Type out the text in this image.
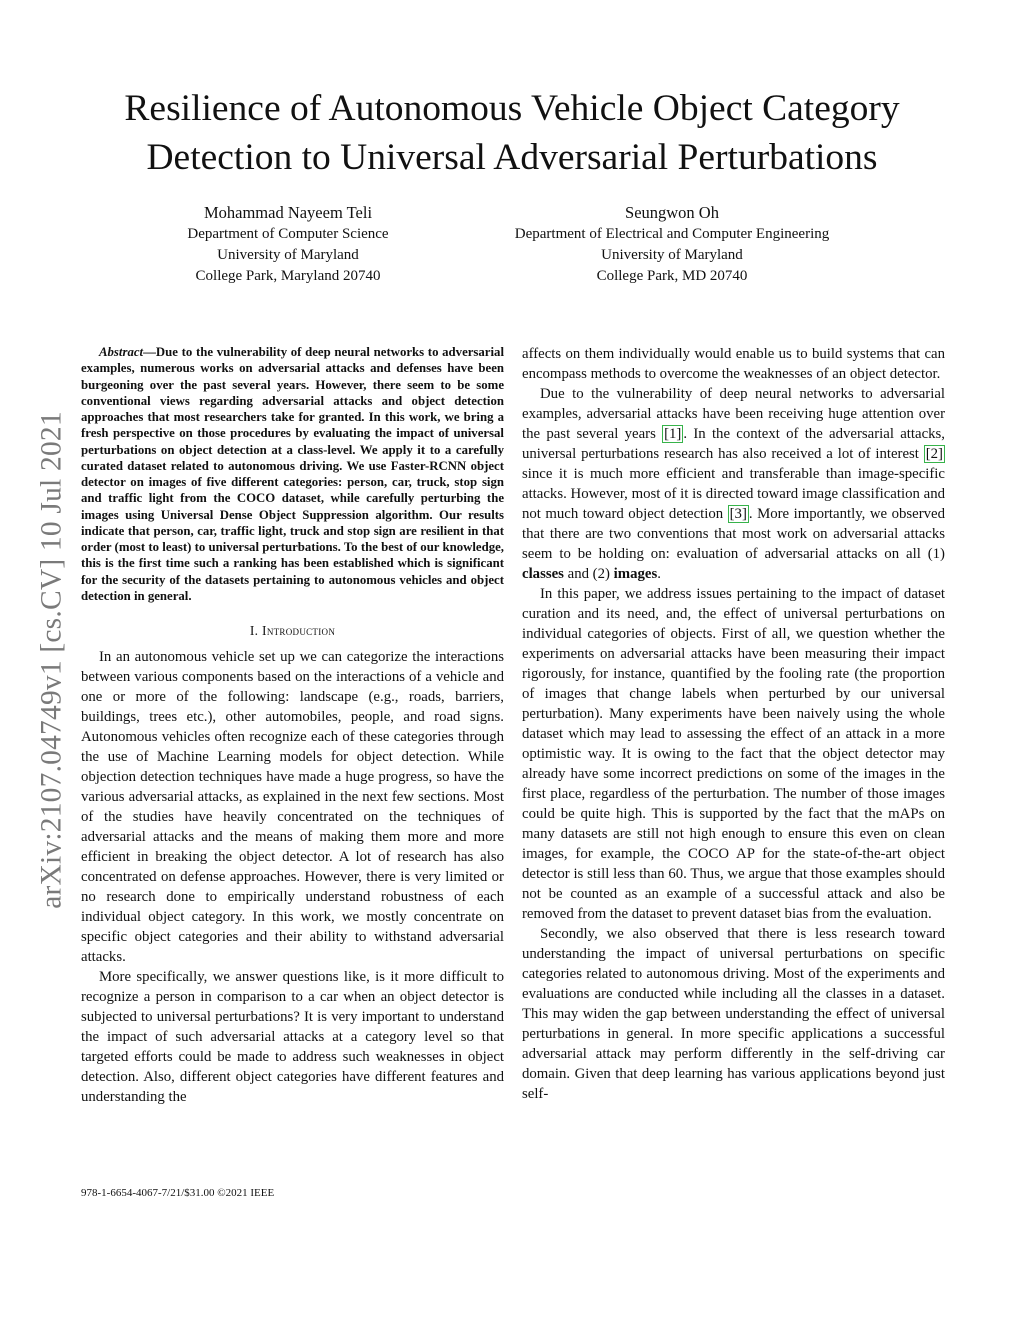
arXiv:2107.04749v1 [cs.CV] 10 Jul 2021
Resilience of Autonomous Vehicle Object Category Detection to Universal Adversarial Perturbations
Mohammad Nayeem Teli
Department of Computer Science
University of Maryland
College Park, Maryland 20740
Seungwon Oh
Department of Electrical and Computer Engineering
University of Maryland
College Park, MD 20740

Abstract—Due to the vulnerability of deep neural networks to adversarial examples, numerous works on adversarial attacks and defenses have been burgeoning over the past several years. However, there seem to be some conventional views regarding adversarial attacks and object detection approaches that most researchers take for granted. In this work, we bring a fresh perspective on those procedures by evaluating the impact of universal perturbations on object detection at a class-level. We apply it to a carefully curated dataset related to autonomous driving. We use Faster-RCNN object detector on images of five different categories: person, car, truck, stop sign and traffic light from the COCO dataset, while carefully perturbing the images using Universal Dense Object Suppression algorithm. Our results indicate that person, car, traffic light, truck and stop sign are resilient in that order (most to least) to universal perturbations. To the best of our knowledge, this is the first time such a ranking has been established which is significant for the security of the datasets pertaining to autonomous vehicles and object detection in general.

I. Introduction

In an autonomous vehicle set up we can categorize the interactions between various components based on the interactions of a vehicle and one or more of the following: landscape (e.g., roads, barriers, buildings, trees etc.), other automobiles, people, and road signs. Autonomous vehicles often recognize each of these categories through the use of Machine Learning models for object detection. While objection detection techniques have made a huge progress, so have the various adversarial attacks, as explained in the next few sections. Most of the studies have heavily concentrated on the techniques of adversarial attacks and the means of making them more and more efficient in breaking the object detector. A lot of research has also concentrated on defense approaches. However, there is very limited or no research done to empirically understand robustness of each individual object category. In this work, we mostly concentrate on specific object categories and their ability to withstand adversarial attacks.

More specifically, we answer questions like, is it more difficult to recognize a person in comparison to a car when an object detector is subjected to universal perturbations? It is very important to understand the impact of such adversarial attacks at a category level so that targeted efforts could be made to address such weaknesses in object detection. Also, different object categories have different features and understanding the

affects on them individually would enable us to build systems that can encompass methods to overcome the weaknesses of an object detector.

Due to the vulnerability of deep neural networks to adversarial examples, adversarial attacks have been receiving huge attention over the past several years [1] . In the context of the adversarial attacks, universal perturbations research has also received a lot of interest [2] since it is much more efficient and transferable than image-specific attacks. However, most of it is directed toward image classification and not much toward object detection [3] . More importantly, we observed that there are two conventions that most work on adversarial attacks seem to be holding on: evaluation of adversarial attacks on all (1) classes and (2) images.

In this paper, we address issues pertaining to the impact of dataset curation and its need, and, the effect of universal perturbations on individual categories of objects. First of all, we question whether the experiments on adversarial attacks have been measuring their impact rigorously, for instance, quantified by the fooling rate (the proportion of images that change labels when perturbed by our universal perturbation). Many experiments have been naively using the whole dataset which may lead to assessing the effect of an attack in a more optimistic way. It is owing to the fact that the object detector may already have some incorrect predictions on some of the images in the first place, regardless of the perturbation. The number of those images could be quite high. This is supported by the fact that the mAPs on many datasets are still not high enough to ensure this even on clean images, for example, the COCO AP for the state-of-the-art object detector is still less than 60. Thus, we argue that those examples should not be counted as an example of a successful attack and also be removed from the dataset to prevent dataset bias from the evaluation.

Secondly, we also observed that there is less research toward understanding the impact of universal perturbations on specific categories related to autonomous driving. Most of the experiments and evaluations are conducted while including all the classes in a dataset. This may widen the gap between understanding the effect of universal perturbations in general. In more specific applications a successful adversarial attack may perform differently in the self-driving car domain. Given that deep learning has various applications beyond just self-

978-1-6654-4067-7/21/$31.00 ©2021 IEEE
